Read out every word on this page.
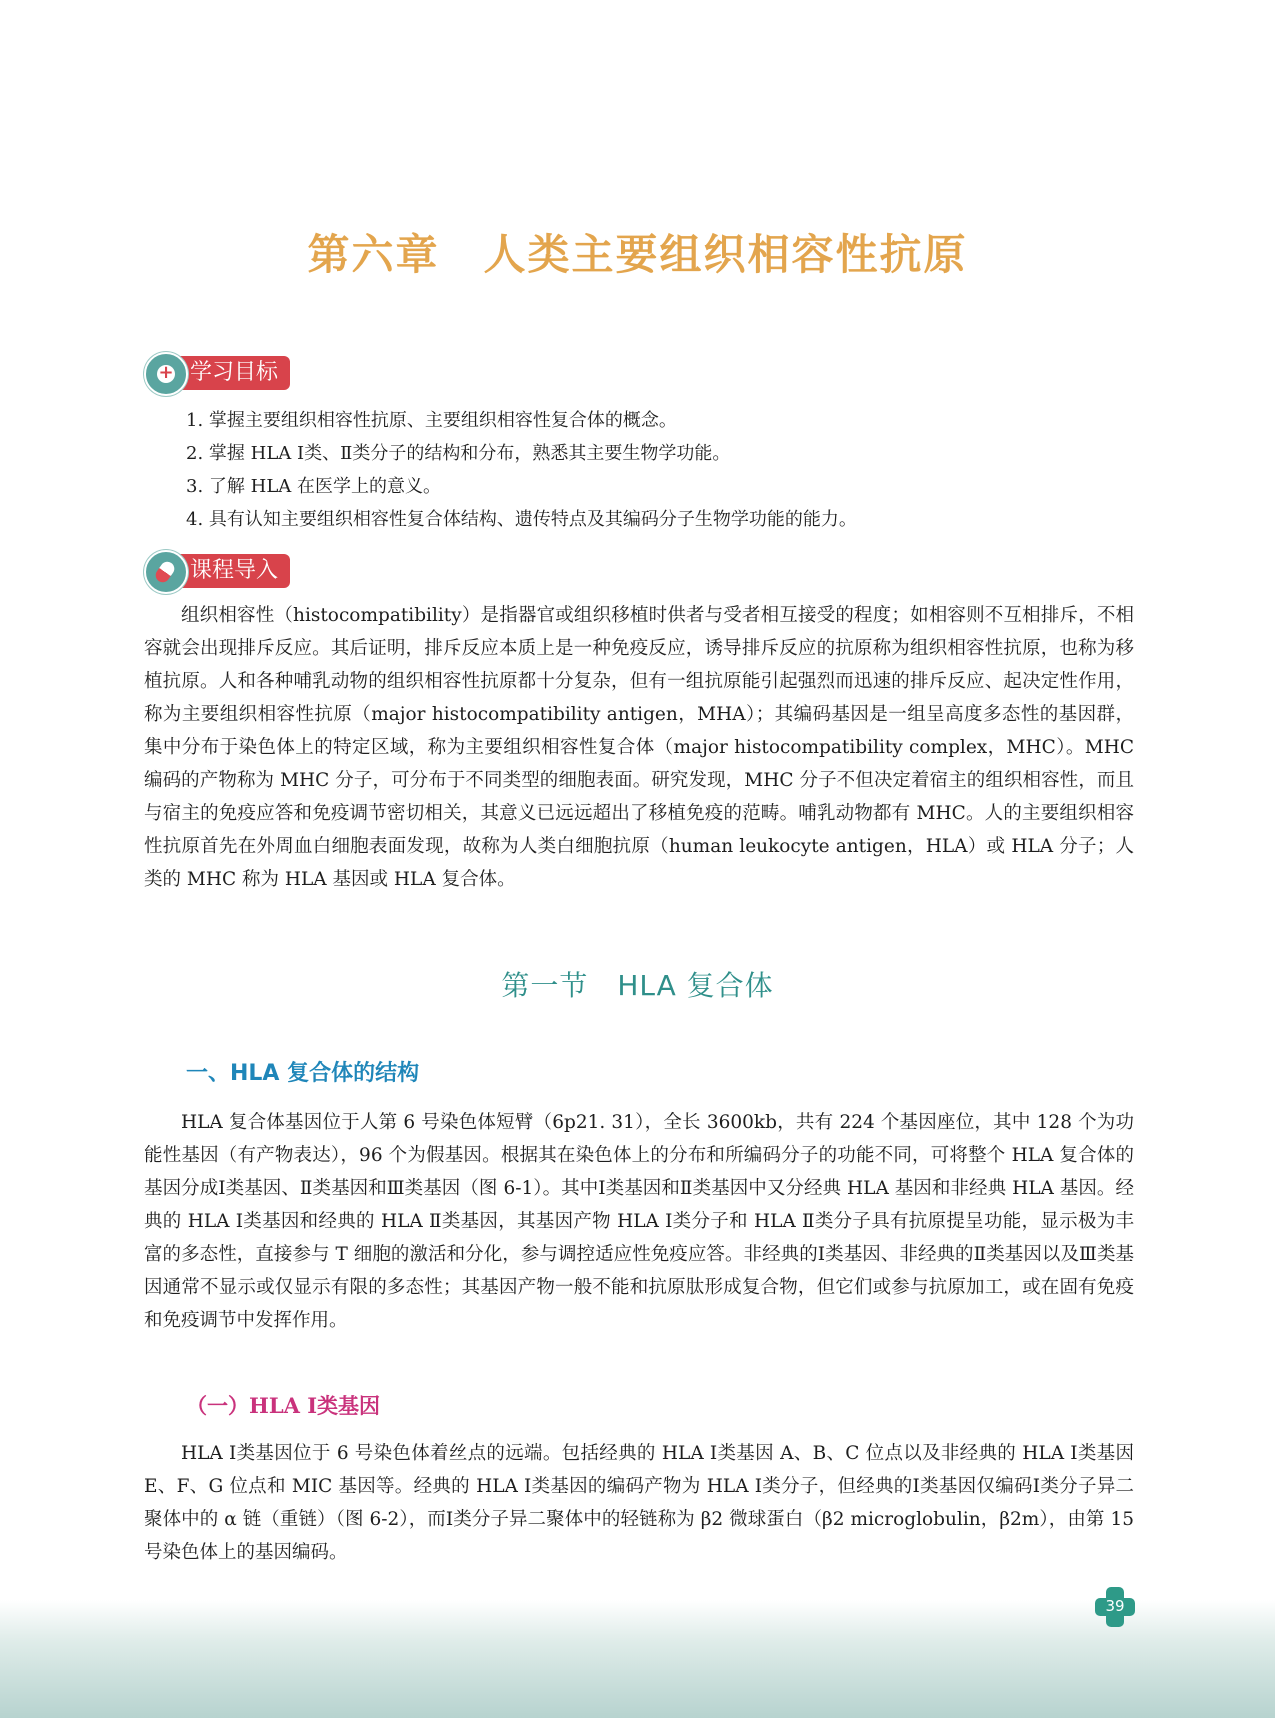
第六章　人类主要组织相容性抗原
学习目标
+
1. 掌握主要组织相容性抗原、主要组织相容性复合体的概念。
2. 掌握 HLA Ⅰ类、Ⅱ类分子的结构和分布，熟悉其主要生物学功能。
3. 了解 HLA 在医学上的意义。
4. 具有认知主要组织相容性复合体结构、遗传特点及其编码分子生物学功能的能力。
课程导入

组织相容性（histocompatibility）是指器官或组织移植时供者与受者相互接受的程度；如相容则不互相排斥，不相容就会出现排斥反应。其后证明，排斥反应本质上是一种免疫反应，诱导排斥反应的抗原称为组织相容性抗原，也称为移植抗原。人和各种哺乳动物的组织相容性抗原都十分复杂，但有一组抗原能引起强烈而迅速的排斥反应、起决定性作用，称为主要组织相容性抗原（major histocompatibility antigen，MHA）；其编码基因是一组呈高度多态性的基因群，集中分布于染色体上的特定区域，称为主要组织相容性复合体（major histocompatibility complex，MHC）。MHC 编码的产物称为 MHC 分子，可分布于不同类型的细胞表面。研究发现，MHC 分子不但决定着宿主的组织相容性，而且与宿主的免疫应答和免疫调节密切相关，其意义已远远超出了移植免疫的范畴。哺乳动物都有 MHC。人的主要组织相容性抗原首先在外周血白细胞表面发现，故称为人类白细胞抗原（human leukocyte antigen，HLA）或 HLA 分子；人类的 MHC 称为 HLA 基因或 HLA 复合体。

第一节　HLA 复合体
一、HLA 复合体的结构

HLA 复合体基因位于人第 6 号染色体短臂（6p21. 31），全长 3600kb，共有 224 个基因座位，其中 128 个为功能性基因（有产物表达），96 个为假基因。根据其在染色体上的分布和所编码分子的功能不同，可将整个 HLA 复合体的基因分成Ⅰ类基因、Ⅱ类基因和Ⅲ类基因（图 6-1）。其中Ⅰ类基因和Ⅱ类基因中又分经典 HLA 基因和非经典 HLA 基因。经典的 HLA Ⅰ类基因和经典的 HLA Ⅱ类基因，其基因产物 HLA Ⅰ类分子和 HLA Ⅱ类分子具有抗原提呈功能，显示极为丰富的多态性，直接参与 T 细胞的激活和分化，参与调控适应性免疫应答。非经典的Ⅰ类基因、非经典的Ⅱ类基因以及Ⅲ类基因通常不显示或仅显示有限的多态性；其基因产物一般不能和抗原肽形成复合物，但它们或参与抗原加工，或在固有免疫和免疫调节中发挥作用。

（一）HLA Ⅰ类基因

HLA Ⅰ类基因位于 6 号染色体着丝点的远端。包括经典的 HLA Ⅰ类基因 A、B、C 位点以及非经典的 HLA Ⅰ类基因 E、F、G 位点和 MIC 基因等。经典的 HLA Ⅰ类基因的编码产物为 HLA Ⅰ类分子，但经典的Ⅰ类基因仅编码Ⅰ类分子异二聚体中的 α 链（重链）（图 6-2），而Ⅰ类分子异二聚体中的轻链称为 β2 微球蛋白（β2 microglobulin，β2m），由第 15 号染色体上的基因编码。

39
